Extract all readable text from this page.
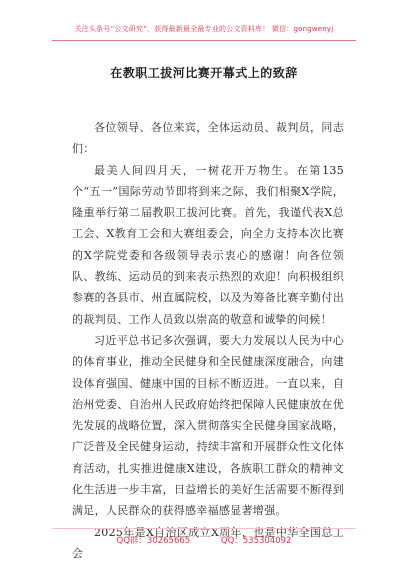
关注头条号“公文研究”，获得最新最全最专业的公文资料库！ 微信：gongwenyj
在教职工拔河比赛开幕式上的致辞

各位领导、各位来宾，全体运动员、裁判员，同志们：

最美人间四月天，一树花开万物生。在第135个“五一”国际劳动节即将到来之际，我们相聚X学院，隆重举行第二届教职工拔河比赛。首先，我谨代表X总工会、X教育工会和大赛组委会，向全力支持本次比赛的X学院党委和各级领导表示衷心的感谢！向各位领队、教练、运动员的到来表示热烈的欢迎！向积极组织参赛的各县市、州直属院校，以及为筹备比赛辛勤付出的裁判员、工作人员致以崇高的敬意和诚挚的问候！

习近平总书记多次强调，要大力发展以人民为中心的体育事业，推动全民健身和全民健康深度融合，向建设体育强国、健康中国的目标不断迈进。一直以来，自治州党委、自治州人民政府始终把保障人民健康放在优先发展的战略位置，深入贯彻落实全民健身国家战略，广泛普及全民健身运动，持续丰富和开展群众性文化体育活动，扎实推进健康X建设，各族职工群众的精神文化生活进一步丰富，日益增长的美好生活需要不断得到满足，人民群众的获得感幸福感显著增强。

2025年是X自治区成立X周年，也是中华全国总工会

QQ群：30265665	QQ：535304092
